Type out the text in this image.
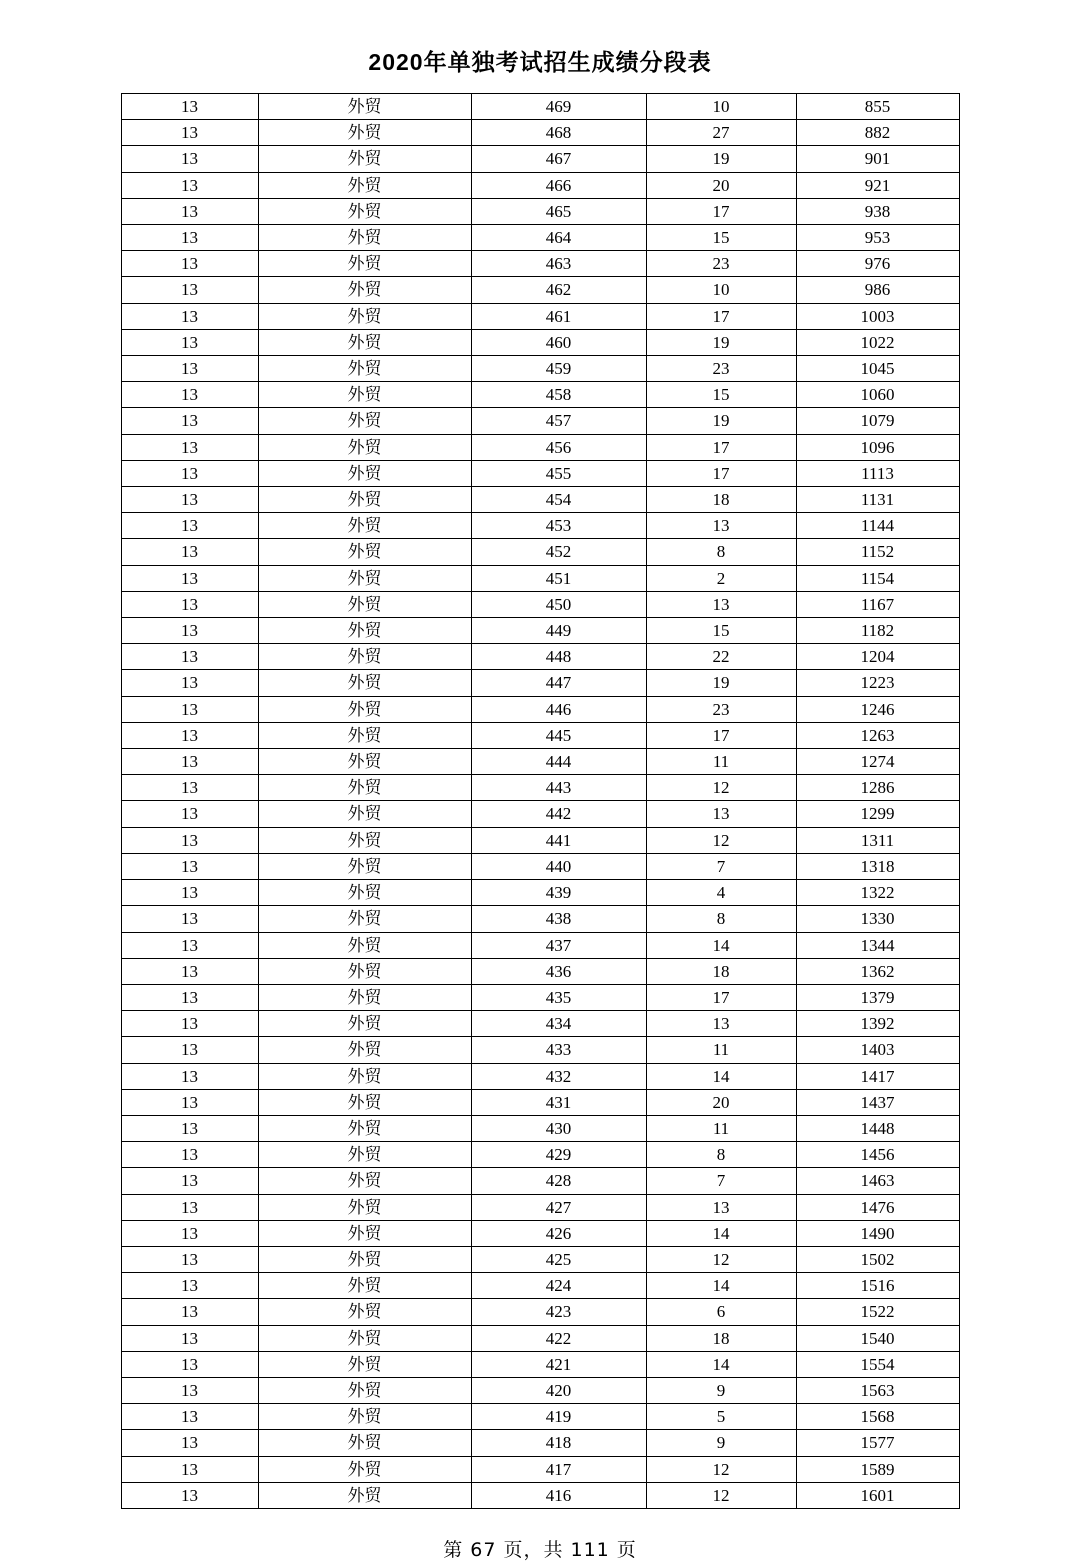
2020年单独考试招生成绩分段表
13	外贸	469	10	855
13	外贸	468	27	882
13	外贸	467	19	901
13	外贸	466	20	921
13	外贸	465	17	938
13	外贸	464	15	953
13	外贸	463	23	976
13	外贸	462	10	986
13	外贸	461	17	1003
13	外贸	460	19	1022
13	外贸	459	23	1045
13	外贸	458	15	1060
13	外贸	457	19	1079
13	外贸	456	17	1096
13	外贸	455	17	1113
13	外贸	454	18	1131
13	外贸	453	13	1144
13	外贸	452	8	1152
13	外贸	451	2	1154
13	外贸	450	13	1167
13	外贸	449	15	1182
13	外贸	448	22	1204
13	外贸	447	19	1223
13	外贸	446	23	1246
13	外贸	445	17	1263
13	外贸	444	11	1274
13	外贸	443	12	1286
13	外贸	442	13	1299
13	外贸	441	12	1311
13	外贸	440	7	1318
13	外贸	439	4	1322
13	外贸	438	8	1330
13	外贸	437	14	1344
13	外贸	436	18	1362
13	外贸	435	17	1379
13	外贸	434	13	1392
13	外贸	433	11	1403
13	外贸	432	14	1417
13	外贸	431	20	1437
13	外贸	430	11	1448
13	外贸	429	8	1456
13	外贸	428	7	1463
13	外贸	427	13	1476
13	外贸	426	14	1490
13	外贸	425	12	1502
13	外贸	424	14	1516
13	外贸	423	6	1522
13	外贸	422	18	1540
13	外贸	421	14	1554
13	外贸	420	9	1563
13	外贸	419	5	1568
13	外贸	418	9	1577
13	外贸	417	12	1589
13	外贸	416	12	1601
第 67 页，共 111 页
